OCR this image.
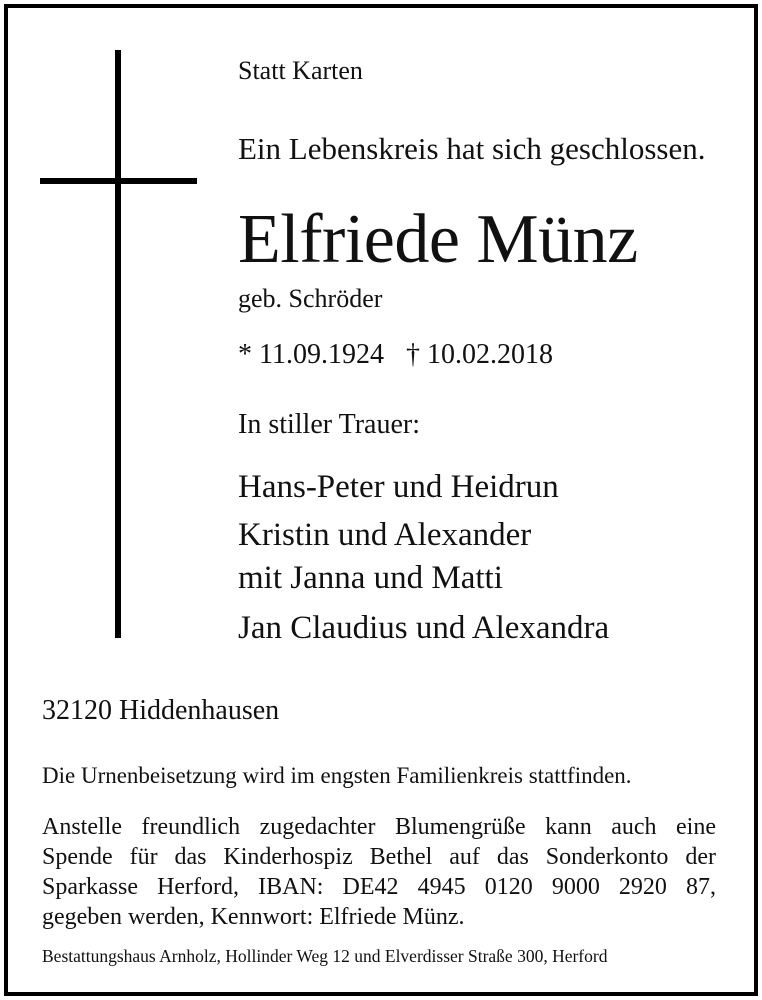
Statt Karten
Ein Lebenskreis hat sich geschlossen.
Elfriede Münz
geb. Schröder
* 11.09.1924 † 10.02.2018
In stiller Trauer:
Hans-Peter und Heidrun
Kristin und Alexander
mit Janna und Matti
Jan Claudius und Alexandra
32120 Hiddenhausen
Die Urnenbeisetzung wird im engsten Familienkreis stattfinden.
Anstelle freundlich zugedachter Blumengrüße kann auch eine
Spende für das Kinderhospiz Bethel auf das Sonderkonto der
Sparkasse Herford, IBAN: DE42 4945 0120 9000 2920 87,
gegeben werden, Kennwort: Elfriede Münz.
Bestattungshaus Arnholz, Hollinder Weg 12 und Elverdisser Straße 300, Herford
